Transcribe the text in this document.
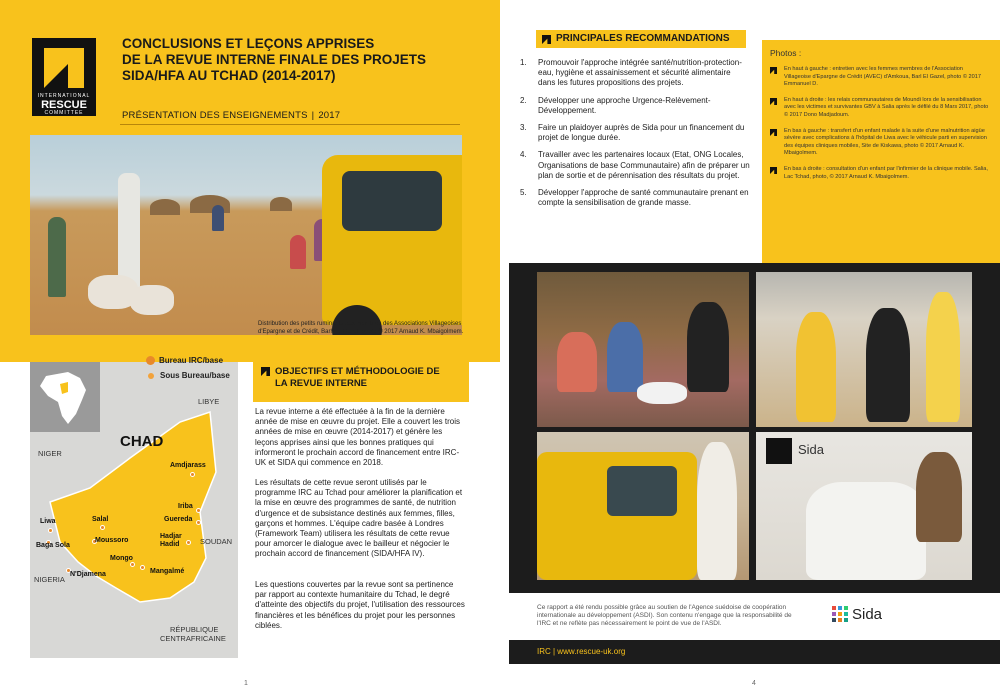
INTERNATIONAL
RESCUE
COMMITTEE
CONCLUSIONS ET LEÇONS APPRISES
DE LA REVUE INTERNE FINALE DES PROJETS
SIDA/HFA AU TCHAD (2014-2017)
PRÉSENTATION DES ENSEIGNEMENTS | 2017
Distribution des petits ruminants aux membres des Associations Villageoises d'Epargne et de Crédit, Barh El Gazel, photo © 2017 Arnaud K. Mbaigolmem.
Bureau IRC/base
Sous Bureau/base
LIBYE
NIGER
SOUDAN
NIGERIA
RÉPUBLIQUE
CENTRAFRICAINE
CHAD
Amdjarass
Iriba
Liwa	Salal	Guereda
Baga Sola
Moussoro
Hadjar
Hadid
Mongo
N'Djamena	Mangalmé
OBJECTIFS ET MÉTHODOLOGIE DE
LA REVUE INTERNE
La revue interne a été effectuée à la fin de la dernière année de mise en œuvre du projet. Elle a couvert les trois années de mise en œuvre (2014-2017) et génère les leçons apprises ainsi que les bonnes pratiques qui informeront le prochain accord de financement entre IRC-UK et SIDA qui commence en 2018.
Les résultats de cette revue seront utilisés par le programme IRC au Tchad pour améliorer la planification et la mise en œuvre des programmes de santé, de nutrition d'urgence et de subsistance destinés aux femmes, filles, garçons et hommes. L'équipe cadre basée à Londres (Framework Team) utilisera les résultats de cette revue pour amorcer le dialogue avec le bailleur et négocier le prochain accord de financement (SIDA/HFA IV).
Les questions couvertes par la revue sont sa pertinence par rapport au contexte humanitaire du Tchad, le degré d'atteinte des objectifs du projet, l'utilisation des ressources financières et les bénéfices du projet pour les personnes ciblées.
1
PRINCIPALES RECOMMANDATIONS
1. Promouvoir l'approche intégrée santé/nutrition-protection-eau, hygiène et assainissement et sécurité alimentaire dans les futures propositions des projets.
2. Développer une approche Urgence-Relèvement-Développement.
3. Faire un plaidoyer auprès de Sida pour un financement du projet de longue durée.
4. Travailler avec les partenaires locaux (Etat, ONG Locales, Organisations de base Communautaire) afin de préparer un plan de sortie et de pérennisation des résultats du projet.
5. Développer l'approche de santé communautaire prenant en compte la sensibilisation de grande masse.
Photos :
En haut à gauche : entretien avec les femmes membres de l'Association Villageoise d'Epargne de Crédit (AVEC) d'Amkoua, Barl El Gazel, photo © 2017 Emmanuel D.
En haut à droite : les relais communautaires de Moundi lors de la sensibilisation avec les victimes et survivantes GBV à Salia après le défilé du 8 Mars 2017, photo © 2017 Dono Madjadoum.
En bas à gauche : transfert d'un enfant malade à la suite d'une malnutrition aigüe sévère avec complications à l'hôpital de Liwa avec le véhicule parti en supervision des équipes cliniques mobiles, Site de Kiskawa, photo © 2017 Arnaud K. Mbaigolmem.
En bas à droite : consultation d'un enfant par l'infirmier de la clinique mobile. Salia, Lac Tchad, photo, © 2017 Arnaud K. Mbaigolmem.
Sida
Ce rapport a été rendu possible grâce au soutien de l'Agence suédoise de coopération internationale au développement (ASDI). Son contenu n'engage que la responsabilité de l'IRC et ne reflète pas nécessairement le point de vue de l'ASDI.
Sida
IRC | www.rescue-uk.org
4
